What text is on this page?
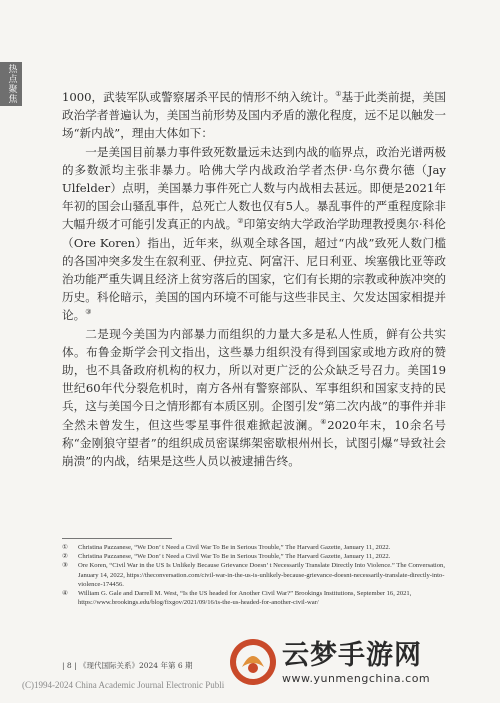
热点聚焦	1000，武装军队或警察屠杀平民的情形不纳入统计。①基于此类前提，美国政治学者普遍认为，美国当前形势及国内矛盾的激化程度，远不足以触发一场“新内战”，理由大体如下：

一是美国目前暴力事件致死数量远未达到内战的临界点，政治光谱两极的多数派均主张非暴力。哈佛大学内战政治学者杰伊·乌尔费尔德（Jay Ulfelder）点明，美国暴力事件死亡人数与内战相去甚远。即便是2021年年初的国会山骚乱事件，总死亡人数也仅有5人。暴乱事件的严重程度除非大幅升级才可能引发真正的内战。②印第安纳大学政治学助理教授奥尔·科伦（Ore Koren）指出，近年来，纵观全球各国，超过“内战”致死人数门槛的各国冲突多发生在叙利亚、伊拉克、阿富汗、尼日利亚、埃塞俄比亚等政治功能严重失调且经济上贫穷落后的国家，它们有长期的宗教或种族冲突的历史。科伦暗示，美国的国内环境不可能与这些非民主、欠发达国家相提并论。③

二是现今美国为内部暴力而组织的力量大多是私人性质，鲜有公共实体。布鲁金斯学会刊文指出，这些暴力组织没有得到国家或地方政府的赞助，也不具备政府机构的权力，所以对更广泛的公众缺乏号召力。美国19世纪60年代分裂危机时，南方各州有警察部队、军事组织和国家支持的民兵，这与美国今日之情形都有本质区别。企图引发“第二次内战”的事件并非全然未曾发生，但这些零星事件很难掀起波澜。④2020年末，10余名号称“金刚狼守望者”的组织成员密谋绑架密歇根州州长，试图引爆“导致社会崩溃”的内战，结果是这些人员以被逮捕告终。

①	Christina Pazzanese, “We Don’ t Need a Civil War To Be in Serious Trouble,” The Harvard Gazette, January 11, 2022.
②	Christina Pazzanese, “We Don’ t Need a Civil War To Be in Serious Trouble,” The Harvard Gazette, January 11, 2022.
③	Ore Koren, “Civil War in the US Is Unlikely Because Grievance Doesn’ t Necessarily Translate Directly Into Violence.” The Conversation, January 14, 2022, https://theconversation.com/civil-war-in-the-us-is-unlikely-because-grievance-doesnt-necessarily-translate-directly-into-violence-174456.
④	William G. Gale and Darrell M. West, “Is the US headed for Another Civil War?” Brookings Institutions, September 16, 2021, https://www.brookings.edu/blog/fixgov/2021/09/16/is-the-us-headed-for-another-civil-war/
| 8 | 《现代国际关系》2024 年第 6 期
(C)1994-2024 China Academic Journal Electronic Publi
云梦手游网
www.yunmengchina.com
